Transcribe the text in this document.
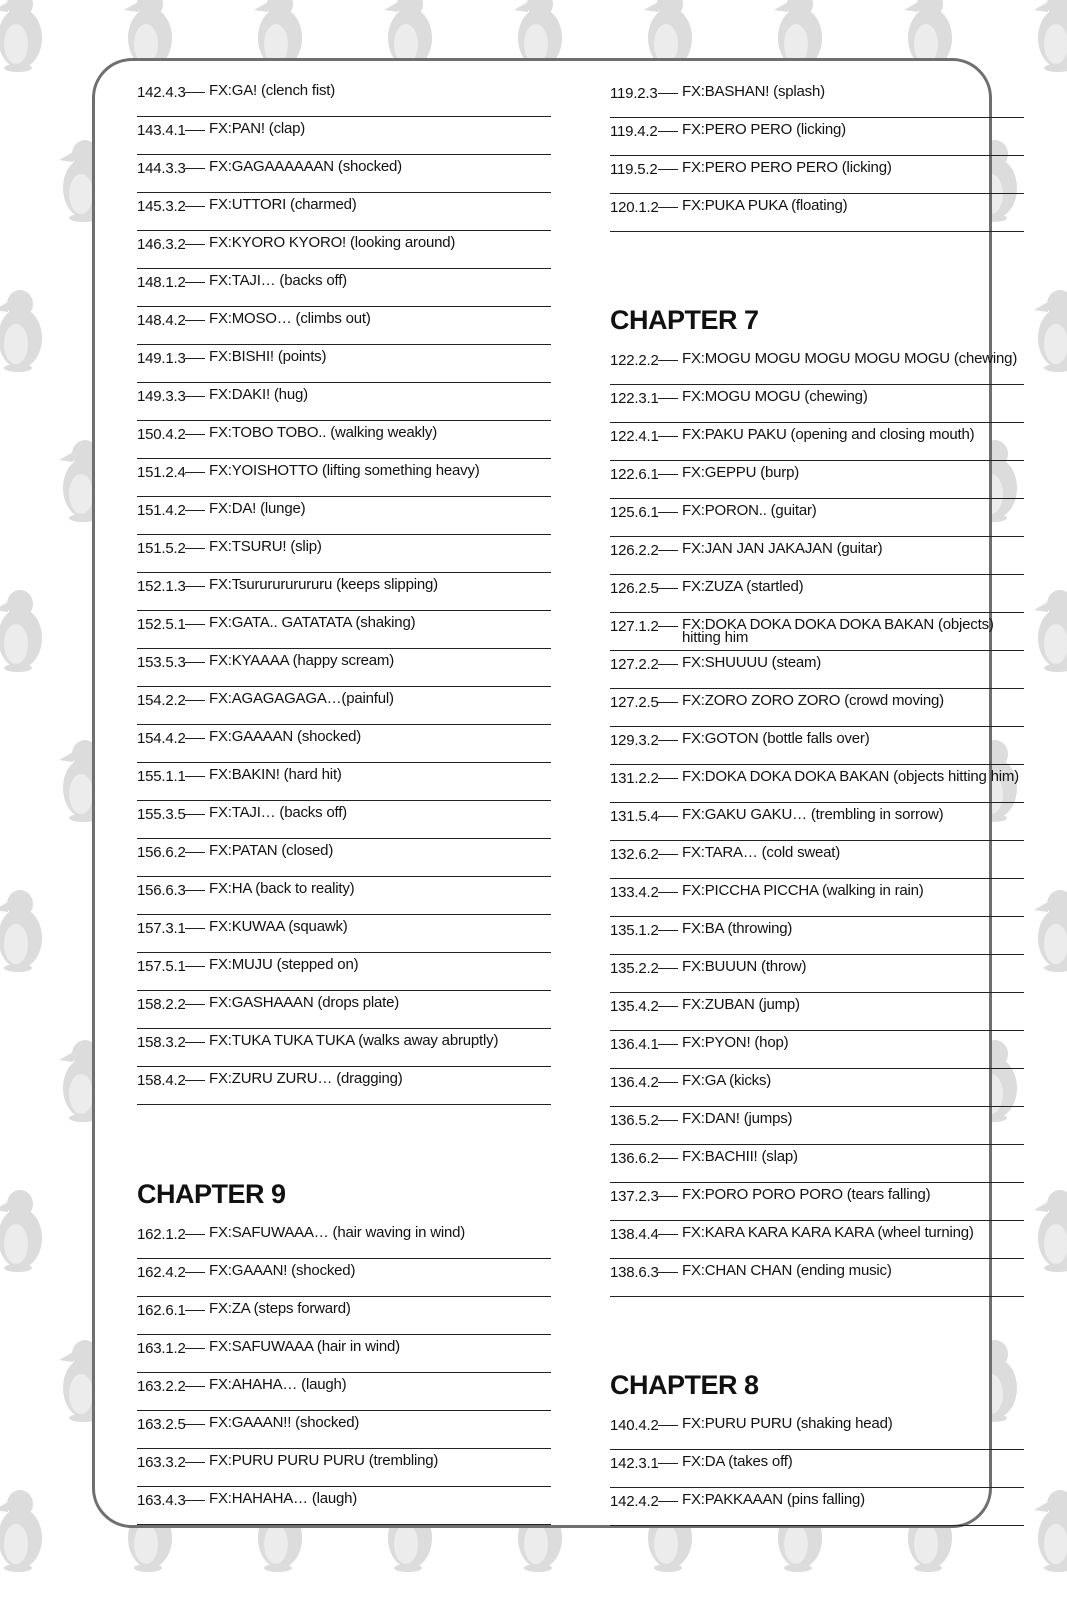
142.4.3 FX:GA! (clench fist)
143.4.1 FX:PAN! (clap)
144.3.3 FX:GAGAAAAAAN (shocked)
145.3.2 FX:UTTORI (charmed)
146.3.2 FX:KYORO KYORO! (looking around)
148.1.2 FX:TAJI… (backs off)
148.4.2 FX:MOSO… (climbs out)
149.1.3 FX:BISHI! (points)
149.3.3 FX:DAKI! (hug)
150.4.2 FX:TOBO TOBO.. (walking weakly)
151.2.4 FX:YOISHOTTO (lifting something heavy)
151.4.2 FX:DA! (lunge)
151.5.2 FX:TSURU! (slip)
152.1.3 FX:Tsururururururu (keeps slipping)
152.5.1 FX:GATA.. GATATATA (shaking)
153.5.3 FX:KYAAAA (happy scream)
154.2.2 FX:AGAGAGAGA…(painful)
154.4.2 FX:GAAAAN (shocked)
155.1.1 FX:BAKIN! (hard hit)
155.3.5 FX:TAJI… (backs off)
156.6.2 FX:PATAN (closed)
156.6.3 FX:HA (back to reality)
157.3.1 FX:KUWAA (squawk)
157.5.1 FX:MUJU (stepped on)
158.2.2 FX:GASHAAAN (drops plate)
158.3.2 FX:TUKA TUKA TUKA (walks away abruptly)
158.4.2 FX:ZURU ZURU… (dragging)
CHAPTER 9
162.1.2 FX:SAFUWAAA… (hair waving in wind)
162.4.2 FX:GAAAN! (shocked)
162.6.1 FX:ZA (steps forward)
163.1.2 FX:SAFUWAAA (hair in wind)
163.2.2 FX:AHAHA… (laugh)
163.2.5 FX:GAAAN!! (shocked)
163.3.2 FX:PURU PURU PURU (trembling)
163.4.3 FX:HAHAHA… (laugh)
119.2.3 FX:BASHAN! (splash)
119.4.2 FX:PERO PERO (licking)
119.5.2 FX:PERO PERO PERO (licking)
120.1.2 FX:PUKA PUKA (floating)
CHAPTER 7
122.2.2 FX:MOGU MOGU MOGU MOGU MOGU (chewing)
122.3.1 FX:MOGU MOGU (chewing)
122.4.1 FX:PAKU PAKU (opening and closing mouth)
122.6.1 FX:GEPPU (burp)
125.6.1 FX:PORON.. (guitar)
126.2.2 FX:JAN JAN JAKAJAN (guitar)
126.2.5 FX:ZUZA (startled)
127.1.2 FX:DOKA DOKA DOKA DOKA BAKAN (objects) hitting him
127.2.2 FX:SHUUUU (steam)
127.2.5 FX:ZORO ZORO ZORO (crowd moving)
129.3.2 FX:GOTON (bottle falls over)
131.2.2 FX:DOKA DOKA DOKA BAKAN (objects hitting him)
131.5.4 FX:GAKU GAKU… (trembling in sorrow)
132.6.2 FX:TARA… (cold sweat)
133.4.2 FX:PICCHA PICCHA (walking in rain)
135.1.2 FX:BA (throwing)
135.2.2 FX:BUUUN (throw)
135.4.2 FX:ZUBAN (jump)
136.4.1 FX:PYON! (hop)
136.4.2 FX:GA (kicks)
136.5.2 FX:DAN! (jumps)
136.6.2 FX:BACHII! (slap)
137.2.3 FX:PORO PORO PORO (tears falling)
138.4.4 FX:KARA KARA KARA KARA (wheel turning)
138.6.3 FX:CHAN CHAN (ending music)
CHAPTER 8
140.4.2 FX:PURU PURU (shaking head)
142.3.1 FX:DA (takes off)
142.4.2 FX:PAKKAAAN (pins falling)
